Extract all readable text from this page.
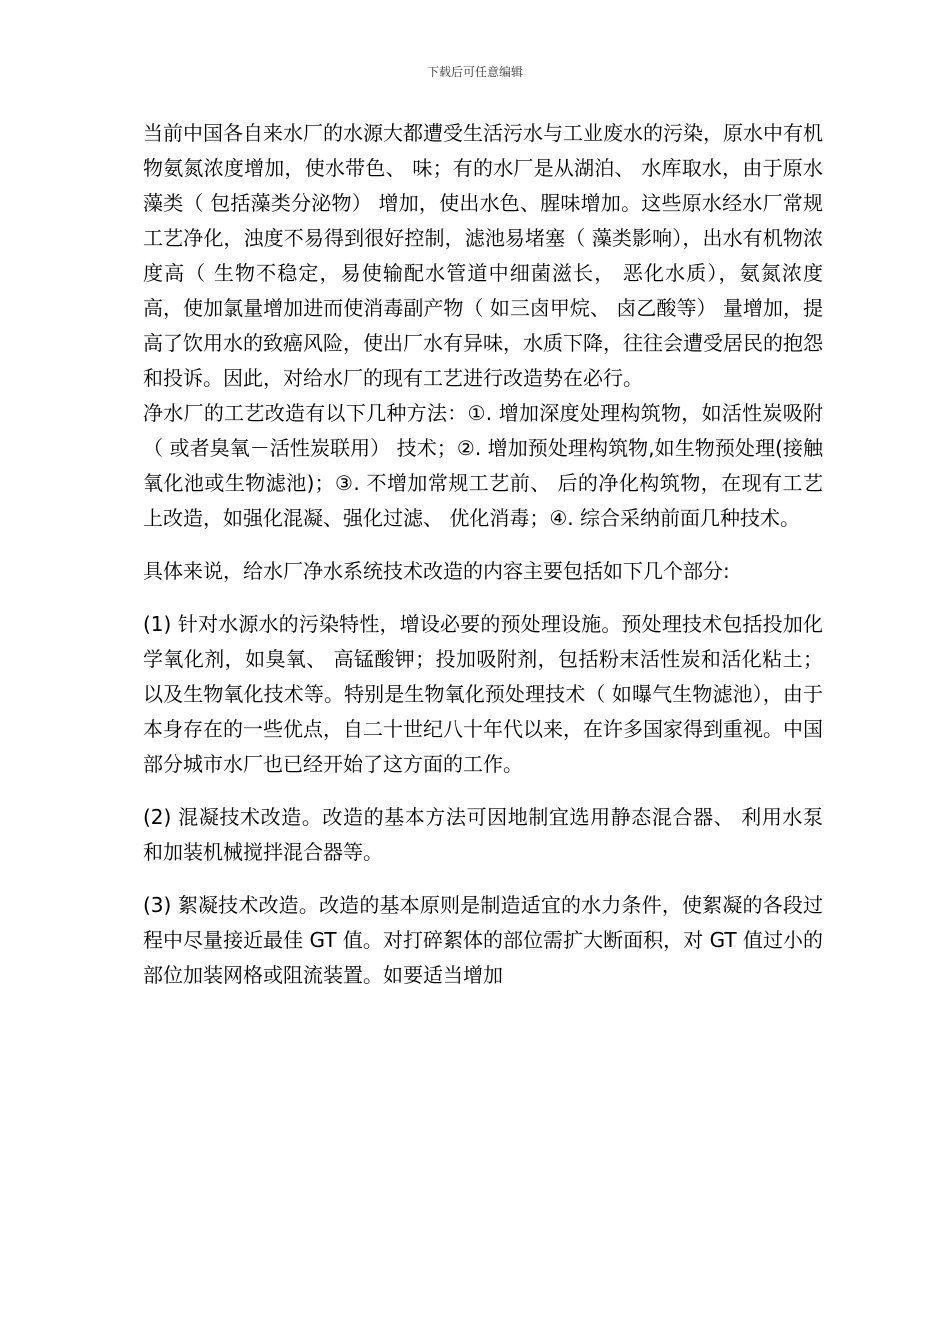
下载后可任意编辑

当前中国各自来水厂的水源大都遭受生活污水与工业废水的污染，原水中有机物氨氮浓度增加，使水带色、 味；有的水厂是从湖泊、 水库取水，由于原水藻类（ 包括藻类分泌物） 增加，使出水色、腥味增加。这些原水经水厂常规工艺净化，浊度不易得到很好控制，滤池易堵塞（ 藻类影响），出水有机物浓度高（ 生物不稳定，易使输配水管道中细菌滋长， 恶化水质），氨氮浓度高，使加氯量增加进而使消毒副产物（ 如三卤甲烷、 卤乙酸等） 量增加，提高了饮用水的致癌风险，使出厂水有异味，水质下降，往往会遭受居民的抱怨和投诉。因此，对给水厂的现有工艺进行改造势在必行。

净水厂的工艺改造有以下几种方法：①. 增加深度处理构筑物，如活性炭吸附（ 或者臭氧－活性炭联用） 技术；②. 增加预处理构筑物,如生物预处理(接触氧化池或生物滤池)；③. 不增加常规工艺前、 后的净化构筑物，在现有工艺上改造，如强化混凝、强化过滤、 优化消毒；④. 综合采纳前面几种技术。

具体来说，给水厂净水系统技术改造的内容主要包括如下几个部分:

(1) 针对水源水的污染特性，增设必要的预处理设施。预处理技术包括投加化学氧化剂，如臭氧、 高锰酸钾；投加吸附剂，包括粉末活性炭和活化粘土；以及生物氧化技术等。特别是生物氧化预处理技术（ 如曝气生物滤池），由于本身存在的一些优点，自二十世纪八十年代以来，在许多国家得到重视。中国部分城市水厂也已经开始了这方面的工作。

(2) 混凝技术改造。改造的基本方法可因地制宜选用静态混合器、 利用水泵和加装机械搅拌混合器等。

(3) 絮凝技术改造。改造的基本原则是制造适宜的水力条件，使絮凝的各段过程中尽量接近最佳 GT 值。对打碎絮体的部位需扩大断面积，对 GT 值过小的部位加装网格或阻流装置。如要适当增加
